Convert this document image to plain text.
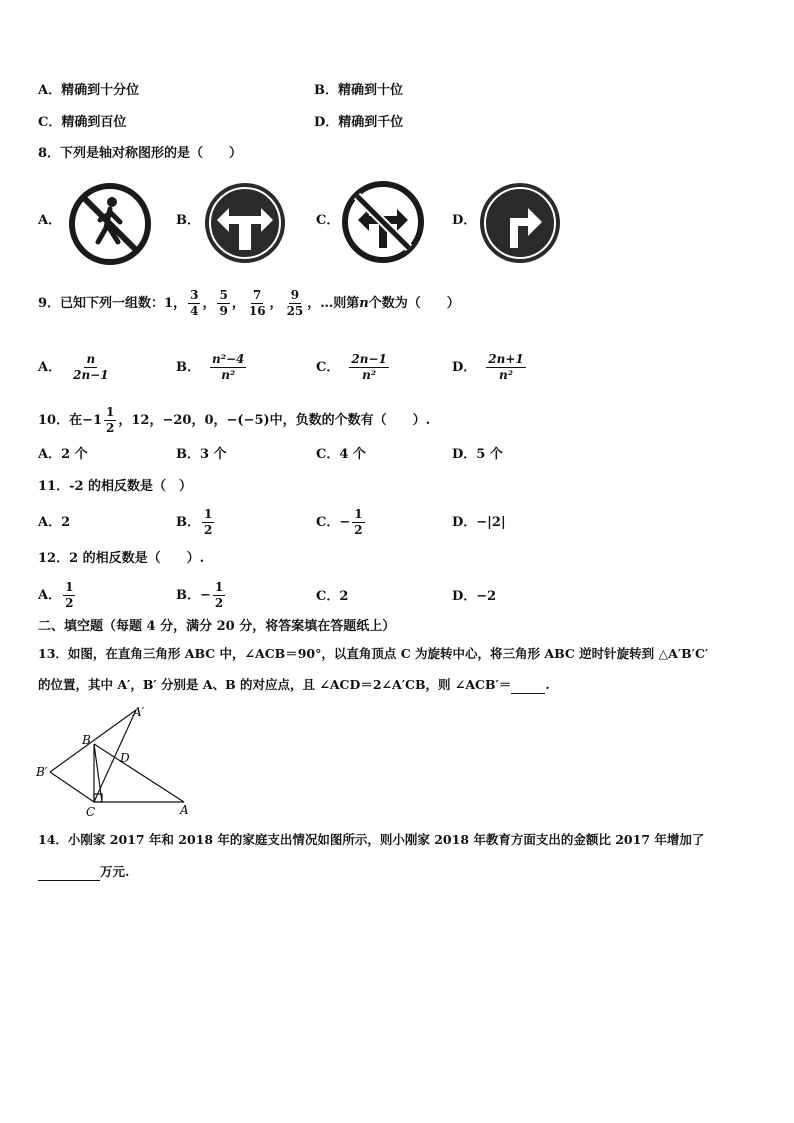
A．精确到十分位	B．精确到十位
C．精确到百位	D．精确到千位
8．下列是轴对称图形的是（　　）
A．	B．	C．	D．
9．已知下列一组数：1， $\frac{3}{4}$ ， $\frac{5}{9}$ ， $\frac{7}{16}$ ， $\frac{9}{25}$ ，…则第n个数为（　　）
A． $\frac{n}{2n-1}$	B． $\frac{\text{n²−4}}{\text{n²}}$	C． $\frac{2n-1}{\text{n²}}$	D． $\frac{2n+1}{\text{n²}}$
10．在$-1 \frac{1}{2}$ ，12，−20，0，−(−5)中，负数的个数有（　　）.
A．2 个	B．3 个	C．4 个	D．5 个
11．-2 的相反数是（　）
A．2	B． $\frac{1}{2}$	C．− $\frac{1}{2}$	D．−|2|
12．2 的相反数是（　　）.
A． $\frac{1}{2}$	B．− $\frac{1}{2}$	C．2	D．−2
二、填空题（每题 4 分，满分 20 分，将答案填在答题纸上）
13．如图，在直角三角形 ABC 中，∠ACB＝90°，以直角顶点 C 为旋转中心，将三角形 ABC 逆时针旋转到 △A′B′C′
的位置，其中 A′，B′ 分别是 A、B 的对应点，且 ∠ACD＝2∠A′CB，则 ∠ACB′＝	.
A′
B
D
B′
C	A
14．小刚家 2017 年和 2018 年的家庭支出情况如图所示，则小刚家 2018 年教育方面支出的金额比 2017 年增加了
万元.
